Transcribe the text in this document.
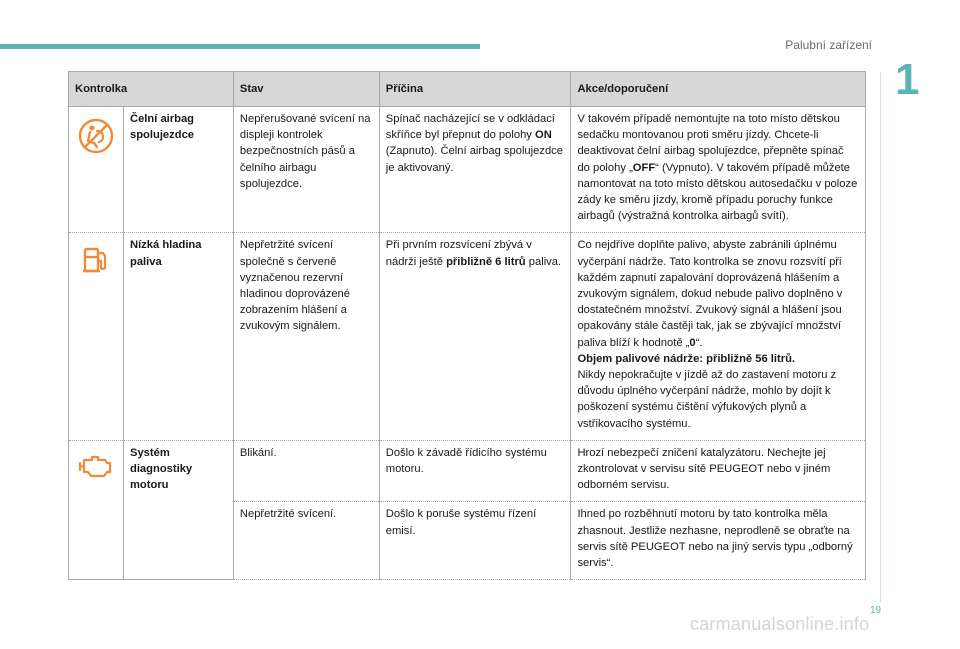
Palubní zařízení
1
Kontrolka		Stav	Příčina	Akce/doporučení
	Čelní airbag spolujezdce	Nepřerušované svícení na displeji kontrolek bezpečnostních pásů a čelního airbagu spolujezdce.	Spínač nacházející se v odkládací skříňce byl přepnut do polohy ON (Zapnuto). Čelní airbag spolujezdce je aktivovaný.	V takovém případě nemontujte na toto místo dětskou sedačku montovanou proti směru jízdy. Chcete-li deaktivovat čelní airbag spolujezdce, přepněte spínač do polohy „OFF“ (Vypnuto). V takovém případě můžete namontovat na toto místo dětskou autosedačku v poloze zády ke směru jízdy, kromě případu poruchy funkce airbagů (výstražná kontrolka airbagů svítí).
	Nízká hladina paliva	Nepřetržité svícení společně s červeně vyznačenou rezervní hladinou doprovázené zobrazením hlášení a zvukovým signálem.	Při prvním rozsvícení zbývá v nádrži ještě přibližně 6 litrů paliva.	Co nejdříve doplňte palivo, abyste zabránili úplnému vyčerpání nádrže. Tato kontrolka se znovu rozsvítí při každém zapnutí zapalování doprovázená hlášením a zvukovým signálem, dokud nebude palivo doplněno v dostatečném množství. Zvukový signál a hlášení jsou opakovány stále častěji tak, jak se zbývající množství paliva blíží k hodnotě „0“.
Objem palivové nádrže: přibližně 56 litrů.
Nikdy nepokračujte v jízdě až do zastavení motoru z důvodu úplného vyčerpání nádrže, mohlo by dojít k poškození systému čištění výfukových plynů a vstřikovacího systému.
	Systém diagnostiky motoru	Blikání.	Došlo k závadě řídicího systému motoru.	Hrozí nebezpečí zničení katalyzátoru. Nechejte jej zkontrolovat v servisu sítě PEUGEOT nebo v jiném odborném servisu.
		Nepřetržité svícení.	Došlo k poruše systému řízení emisí.	Ihned po rozběhnutí motoru by tato kontrolka měla zhasnout. Jestliže nezhasne, neprodleně se obraťte na servis sítě PEUGEOT nebo na jiný servis typu „odborný servis“.
19
carmanualsonline.info
